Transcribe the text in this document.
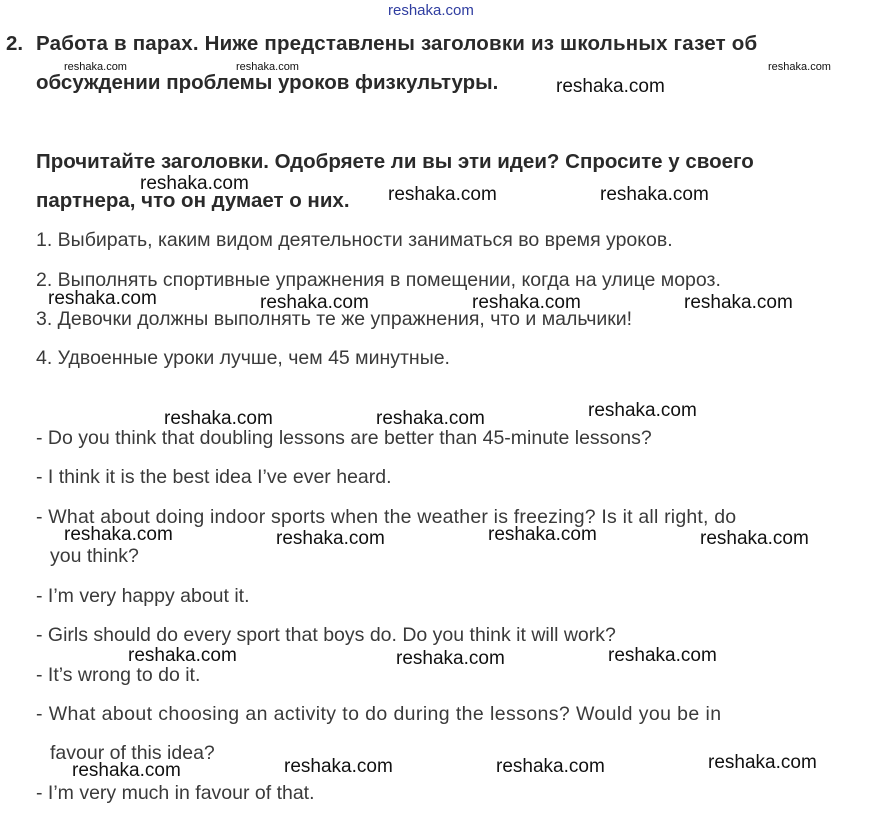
reshaka.com
2. Работа в парах. Ниже представлены заголовки из школьных газет об
обсуждении проблемы уроков физкультуры.
Прочитайте заголовки. Одобряете ли вы эти идеи? Спросите у своего
партнера, что он думает о них.
1. Выбирать, каким видом деятельности заниматься во время уроков.
2. Выполнять спортивные упражнения в помещении, когда на улице мороз.
3. Девочки должны выполнять те же упражнения, что и мальчики!
4. Удвоенные уроки лучше, чем 45 минутные.
- Do you think that doubling lessons are better than 45-minute lessons?
- I think it is the best idea I’ve ever heard.
- What about doing indoor sports when the weather is freezing? Is it all right, do
you think?
- I’m very happy about it.
- Girls should do every sport that boys do. Do you think it will work?
- It’s wrong to do it.
- What about choosing an activity to do during the lessons? Would you be in
favour of this idea?
- I’m very much in favour of that.
reshaka.com	reshaka.com	reshaka.com
reshaka.com
reshaka.com
reshaka.com	reshaka.com
reshaka.com	reshaka.com	reshaka.com	reshaka.com
reshaka.com	reshaka.com	reshaka.com
reshaka.com	reshaka.com	reshaka.com	reshaka.com
reshaka.com	reshaka.com	reshaka.com
reshaka.com	reshaka.com	reshaka.com	reshaka.com
